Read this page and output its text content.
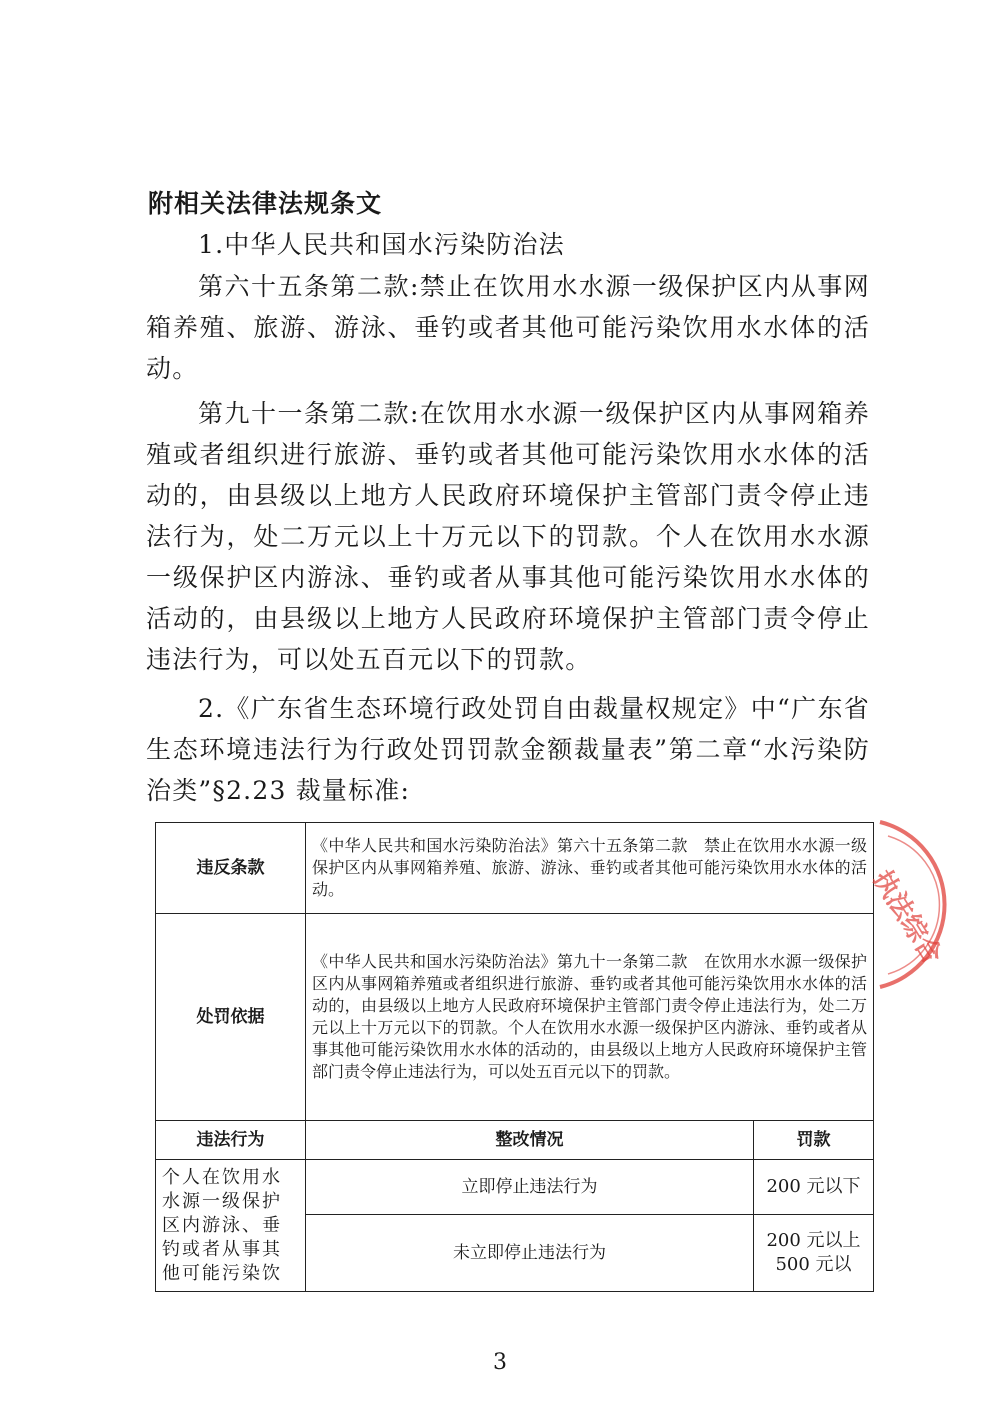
附相关法律法规条文

1.中华人民共和国水污染防治法

第六十五条第二款:禁止在饮用水水源一级保护区内从事网箱养殖、旅游、游泳、垂钓或者其他可能污染饮用水水体的活动。

第九十一条第二款:在饮用水水源一级保护区内从事网箱养殖或者组织进行旅游、垂钓或者其他可能污染饮用水水体的活动的，由县级以上地方人民政府环境保护主管部门责令停止违法行为，处二万元以上十万元以下的罚款。个人在饮用水水源一级保护区内游泳、垂钓或者从事其他可能污染饮用水水体的活动的，由县级以上地方人民政府环境保护主管部门责令停止违法行为，可以处五百元以下的罚款。

2.《广东省生态环境行政处罚自由裁量权规定》中“广东省生态环境违法行为行政处罚罚款金额裁量表”第二章“水污染防治类”§2.23 裁量标准:

违反条款	《中华人民共和国水污染防治法》第六十五条第二款　禁止在饮用水水源一级保护区内从事网箱养殖、旅游、游泳、垂钓或者其他可能污染饮用水水体的活动。	
处罚依据	《中华人民共和国水污染防治法》第九十一条第二款　在饮用水水源一级保护区内从事网箱养殖或者组织进行旅游、垂钓或者其他可能污染饮用水水体的活动的，由县级以上地方人民政府环境保护主管部门责令停止违法行为，处二万元以上十万元以下的罚款。个人在饮用水水源一级保护区内游泳、垂钓或者从事其他可能污染饮用水水体的活动的，由县级以上地方人民政府环境保护主管部门责令停止违法行为，可以处五百元以下的罚款。	
违法行为	整改情况	罚款
个人在饮用水水源一级保护区内游泳、垂钓或者从事其他可能污染饮	立即停止违法行为	200 元以下
	未立即停止违法行为	200 元以上 500 元以
执法综合

3
